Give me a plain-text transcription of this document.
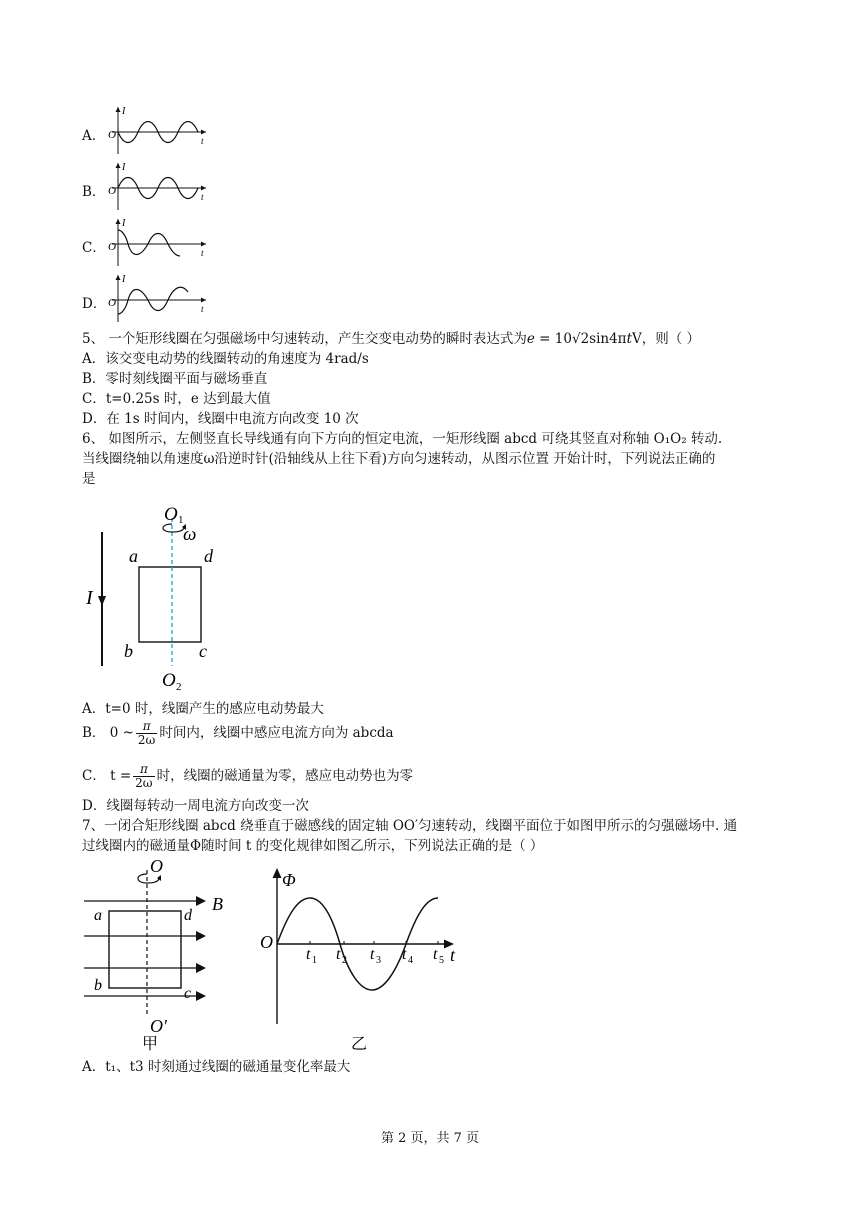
A．
I
O	t
B．
I
O	t
C．
I
O	t
D．
I
O	t
5、 一个矩形线圈在匀强磁场中匀速转动，产生交变电动势的瞬时表达式为e = 10√2sin4πtV，则（ ）
A．该交变电动势的线圈转动的角速度为 4rad/s
B．零时刻线圈平面与磁场垂直
C．t=0.25s 时，e 达到最大值
D．在 1s 时间内，线圈中电流方向改变 10 次
6、 如图所示，左侧竖直长导线通有向下方向的恒定电流，一矩形线圈 abcd 可绕其竖直对称轴 O₁O₂ 转动.
当线圈绕轴以角速度ω沿逆时针(沿轴线从上往下看)方向匀速转动，从图示位置 开始计时，下列说法正确的
是
I
O 1
ω
a	d
b	c
O 2
A．t=0 时，线圈产生的感应电动势最大
B． 0 ~ $\frac{\pi}{2\omega}$ 时间内，线圈中感应电流方向为 abcda
C． $t = \frac{\pi}{2\omega}$ 时，线圈的磁通量为零，感应电动势也为零
D．线圈每转动一周电流方向改变一次
7、一闭合矩形线圈 abcd 绕垂直于磁感线的固定轴 OO′匀速转动，线圈平面位于如图甲所示的匀强磁场中. 通
过线圈内的磁通量Φ随时间 t 的变化规律如图乙所示，下列说法正确的是（ ）
O
B
a	d
b	c
O′
甲
Φ
O
t
t 1 t 2 t 3 t 4 t 5
乙
A．t₁、t3 时刻通过线圈的磁通量变化率最大
第 2 页，共 7 页
